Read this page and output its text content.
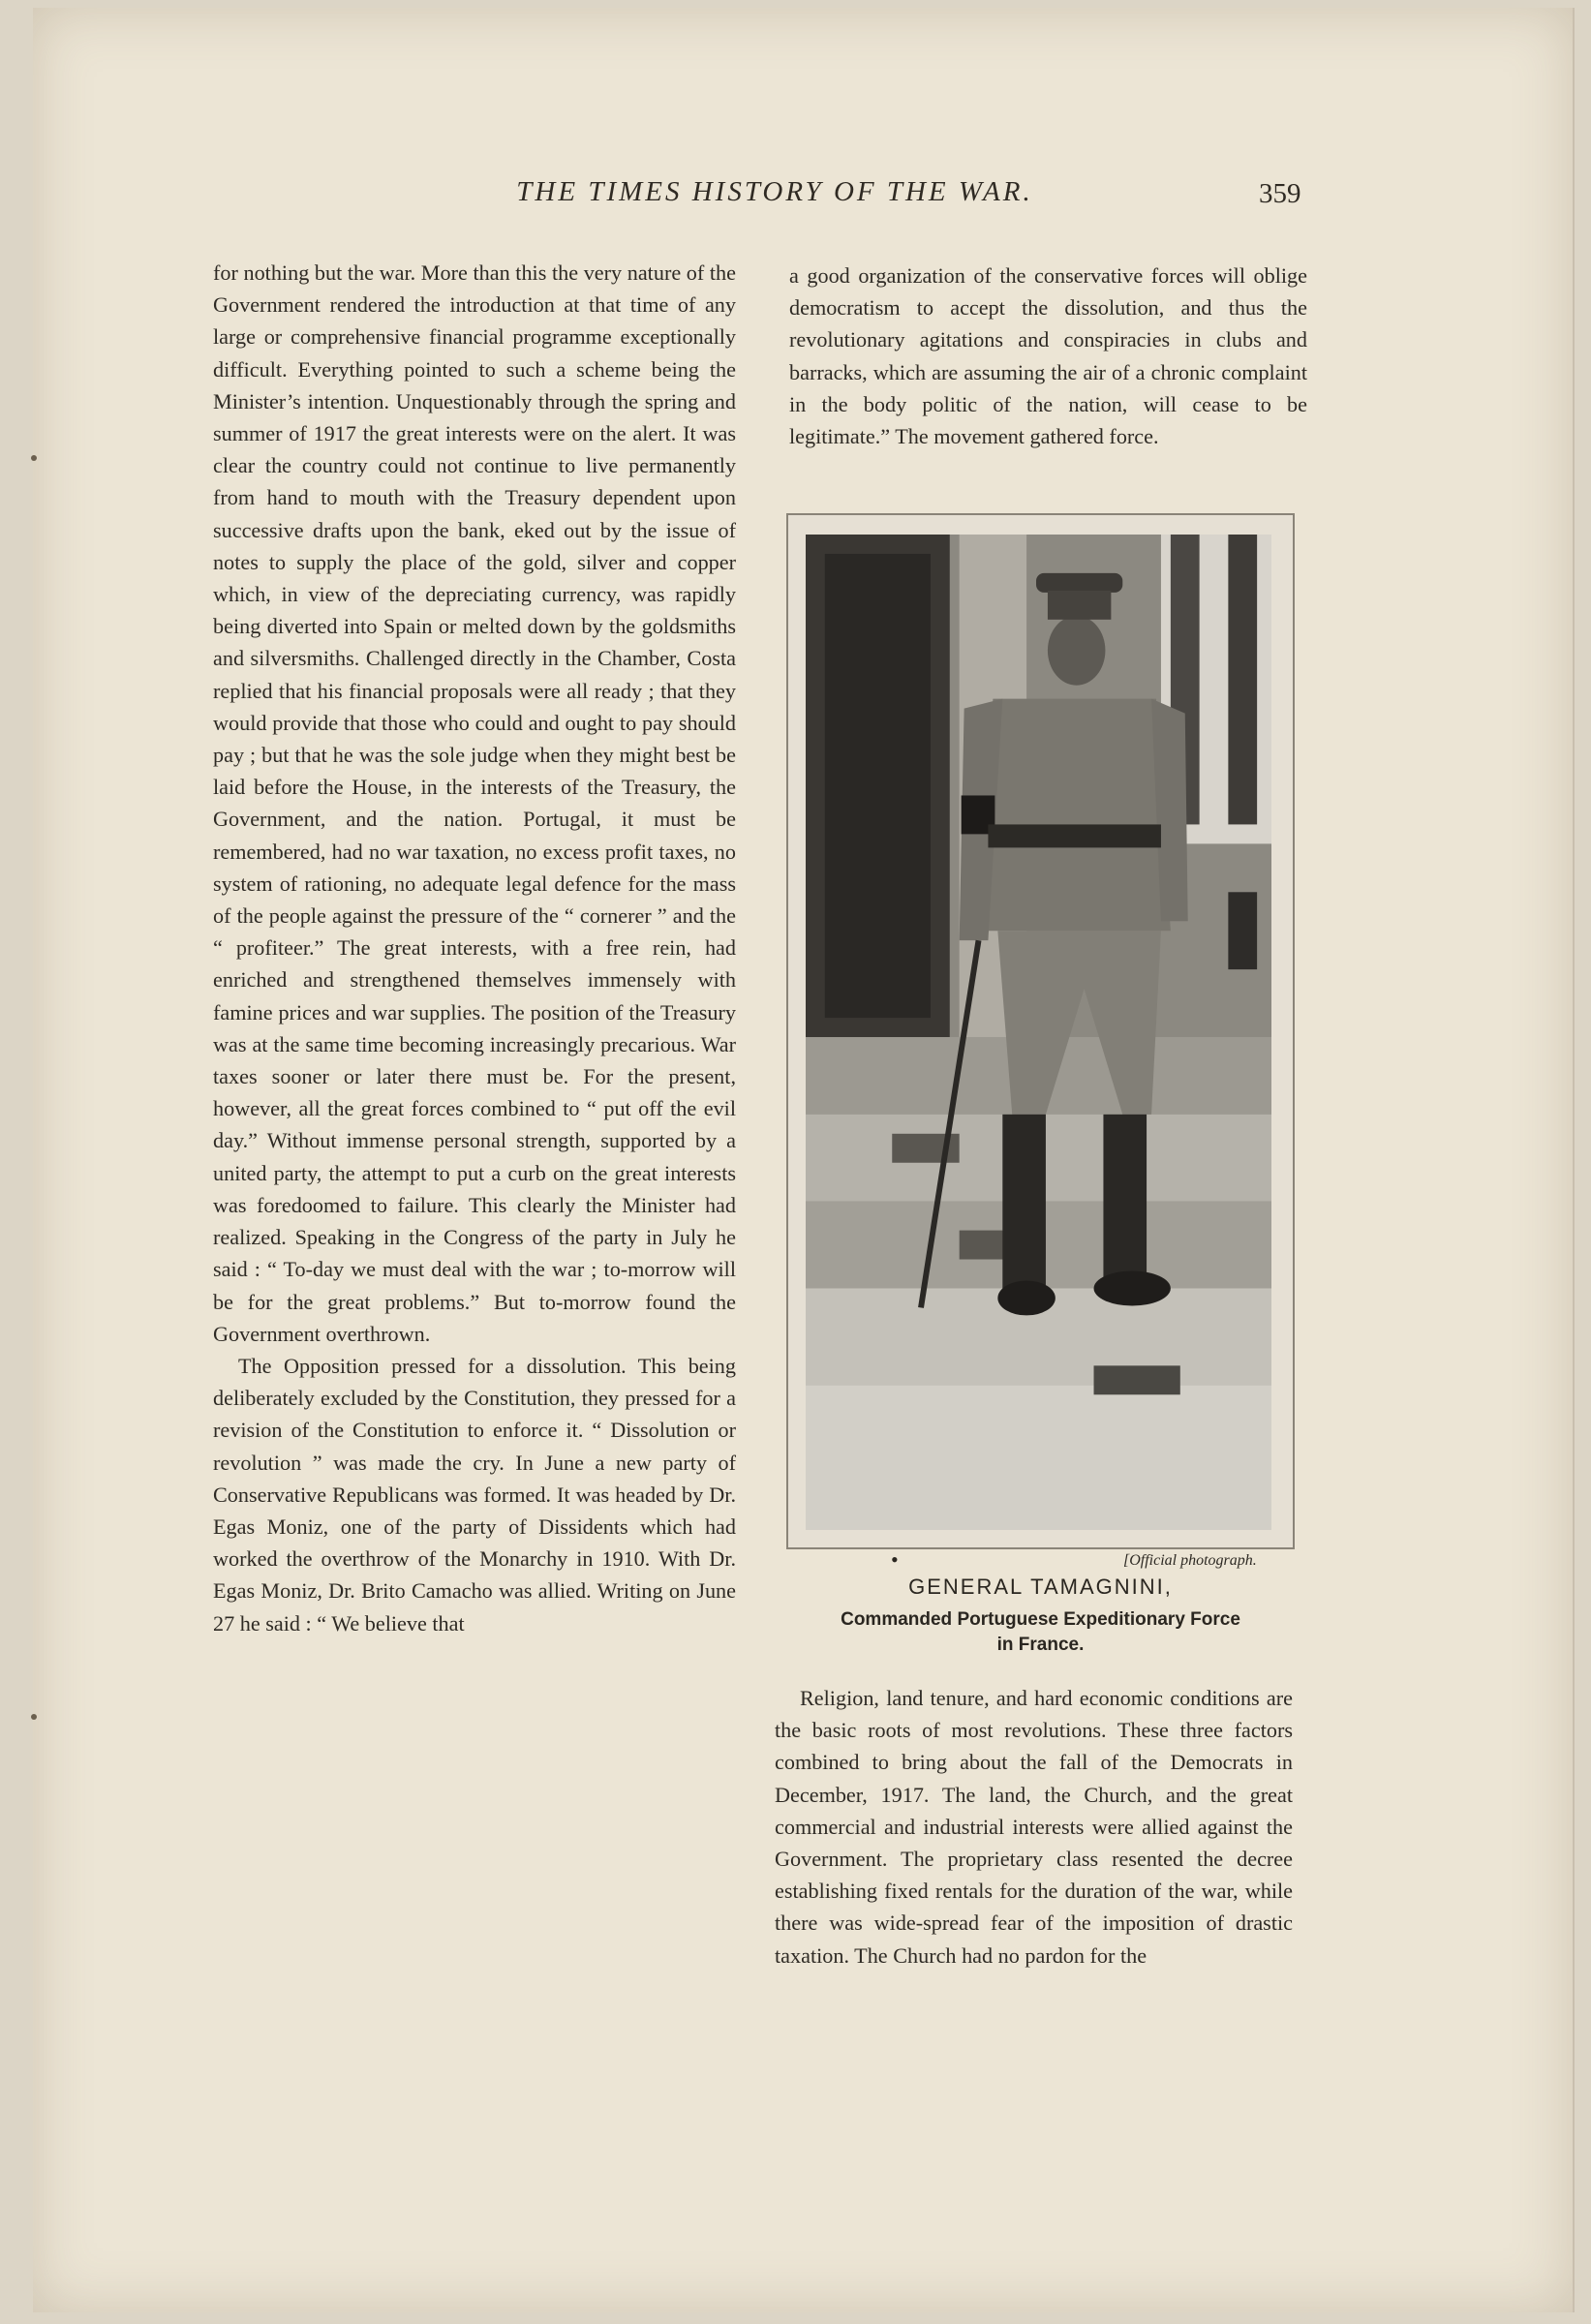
THE TIMES HISTORY OF THE WAR.	359

for nothing but the war. More than this the very nature of the Government rendered the introduction at that time of any large or comprehensive financial programme exceptionally difficult. Everything pointed to such a scheme being the Minister’s intention. Unquestionably through the spring and summer of 1917 the great interests were on the alert. It was clear the country could not continue to live permanently from hand to mouth with the Treasury dependent upon successive drafts upon the bank, eked out by the issue of notes to supply the place of the gold, silver and copper which, in view of the depreciating currency, was rapidly being diverted into Spain or melted down by the goldsmiths and silversmiths. Challenged directly in the Chamber, Costa replied that his financial proposals were all ready ; that they would provide that those who could and ought to pay should pay ; but that he was the sole judge when they might best be laid before the House, in the interests of the Treasury, the Government, and the nation. Portugal, it must be remembered, had no war taxation, no excess profit taxes, no system of rationing, no adequate legal defence for the mass of the people against the pressure of the “ cornerer ” and the “ profiteer.” The great interests, with a free rein, had enriched and strengthened themselves immensely with famine prices and war supplies. The position of the Treasury was at the same time becoming increasingly precarious. War taxes sooner or later there must be. For the present, however, all the great forces combined to “ put off the evil day.” Without immense personal strength, supported by a united party, the attempt to put a curb on the great interests was foredoomed to failure. This clearly the Minister had realized. Speaking in the Congress of the party in July he said : “ To-day we must deal with the war ; to-morrow will be for the great problems.” But to-morrow found the Government overthrown.

The Opposition pressed for a dissolution. This being deliberately excluded by the Constitution, they pressed for a revision of the Constitution to enforce it. “ Dissolution or revolution ” was made the cry. In June a new party of Conservative Republicans was formed. It was headed by Dr. Egas Moniz, one of the party of Dissidents which had worked the overthrow of the Monarchy in 1910. With Dr. Egas Moniz, Dr. Brito Camacho was allied. Writing on June 27 he said : “ We believe that

a good organization of the conservative forces will oblige democratism to accept the dissolution, and thus the revolutionary agitations and conspiracies in clubs and barracks, which are assuming the air of a chronic complaint in the body politic of the nation, will cease to be legitimate.” The movement gathered force.

•	[Official photograph.
GENERAL TAMAGNINI,
Commanded Portuguese Expeditionary Force
in France.

Religion, land tenure, and hard economic conditions are the basic roots of most revolutions. These three factors combined to bring about the fall of the Democrats in December, 1917. The land, the Church, and the great commercial and industrial interests were allied against the Government. The proprietary class resented the decree establishing fixed rentals for the duration of the war, while there was wide-spread fear of the imposition of drastic taxation. The Church had no pardon for the
